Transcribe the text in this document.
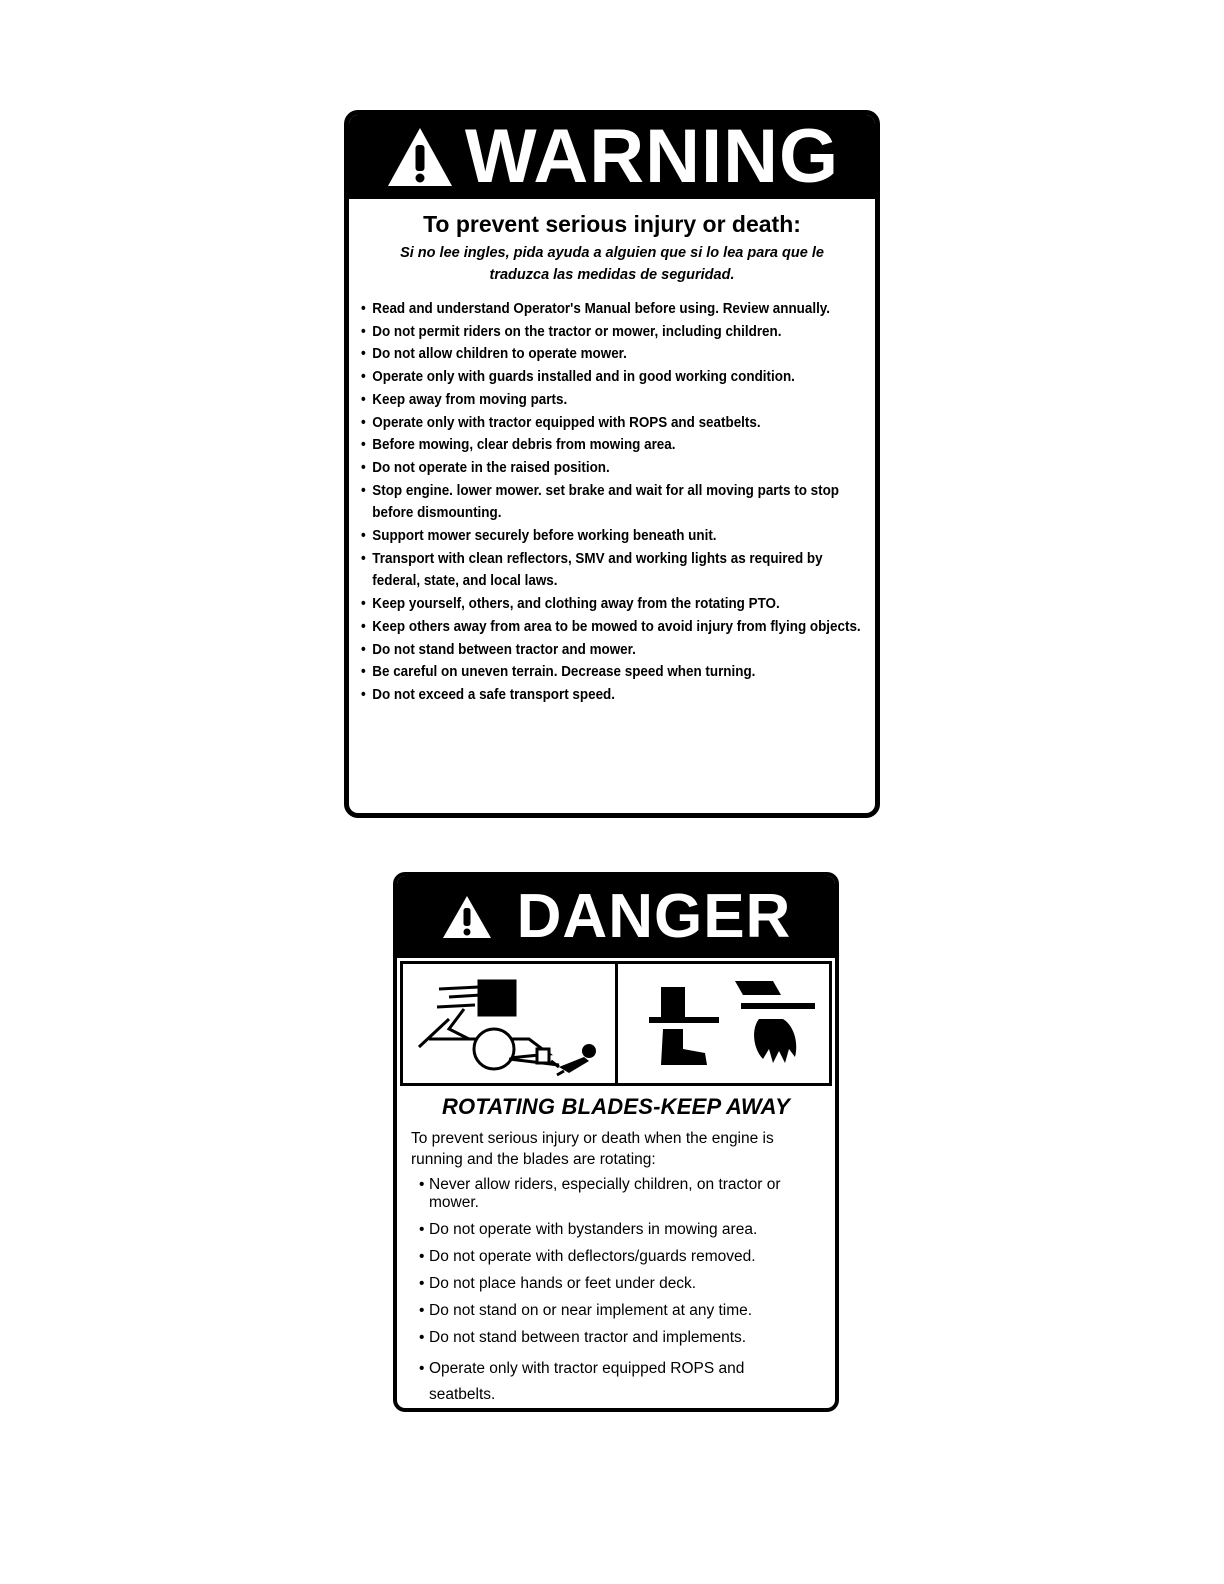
WARNING
To prevent serious injury or death:
Si no lee ingles, pida ayuda a alguien que si lo lea para que le traduzca las medidas de seguridad.
• Read and understand Operator's Manual before using. Review annually.
• Do not permit riders on the tractor or mower, including children.
• Do not allow children to operate mower.
• Operate only with guards installed and in good working condition.
• Keep away from moving parts.
• Operate only with tractor equipped with ROPS and seatbelts.
• Before mowing, clear debris from mowing area.
• Do not operate in the raised position.
• Stop engine. lower mower. set brake and wait for all moving parts to stop before dismounting.
• Support mower securely before working beneath unit.
• Transport with clean reflectors, SMV and working lights as required by federal, state, and local laws.
• Keep yourself, others, and clothing away from the rotating PTO.
• Keep others away from area to be mowed to avoid injury from flying objects.
• Do not stand between tractor and mower.
• Be careful on uneven terrain. Decrease speed when turning.
• Do not exceed a safe transport speed.
DANGER
ROTATING BLADES-KEEP AWAY
To prevent serious injury or death when the engine is running and the blades are rotating:
• Never allow riders, especially children, on tractor or mower.
• Do not operate with bystanders in mowing area.
• Do not operate with deflectors/guards removed.
• Do not place hands or feet under deck.
• Do not stand on or near implement at any time.
• Do not stand between tractor and implements.
• Operate only with tractor equipped ROPS and seatbelts.
